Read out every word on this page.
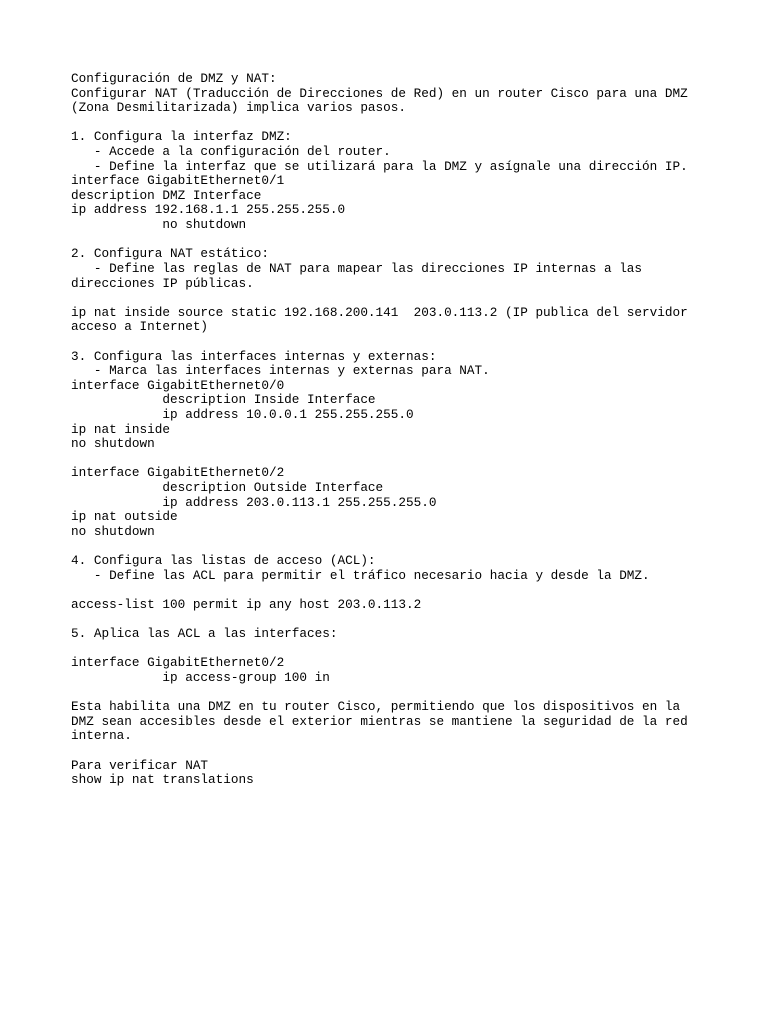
Configuración de DMZ y NAT:
Configurar NAT (Traducción de Direcciones de Red) en un router Cisco para una DMZ
(Zona Desmilitarizada) implica varios pasos.
1. Configura la interfaz DMZ:
- Accede a la configuración del router.
- Define la interfaz que se utilizará para la DMZ y asígnale una dirección IP.
interface GigabitEthernet0/1
description DMZ Interface
ip address 192.168.1.1 255.255.255.0
no shutdown
2. Configura NAT estático:
- Define las reglas de NAT para mapear las direcciones IP internas a las
direcciones IP públicas.
ip nat inside source static 192.168.200.141  203.0.113.2 (IP publica del servidor
acceso a Internet)
3. Configura las interfaces internas y externas:
- Marca las interfaces internas y externas para NAT.
interface GigabitEthernet0/0
description Inside Interface
ip address 10.0.0.1 255.255.255.0
ip nat inside
no shutdown
interface GigabitEthernet0/2
description Outside Interface
ip address 203.0.113.1 255.255.255.0
ip nat outside
no shutdown
4. Configura las listas de acceso (ACL):
- Define las ACL para permitir el tráfico necesario hacia y desde la DMZ.
access-list 100 permit ip any host 203.0.113.2
5. Aplica las ACL a las interfaces:
interface GigabitEthernet0/2
ip access-group 100 in
Esta habilita una DMZ en tu router Cisco, permitiendo que los dispositivos en la
DMZ sean accesibles desde el exterior mientras se mantiene la seguridad de la red
interna.
Para verificar NAT
show ip nat translations
